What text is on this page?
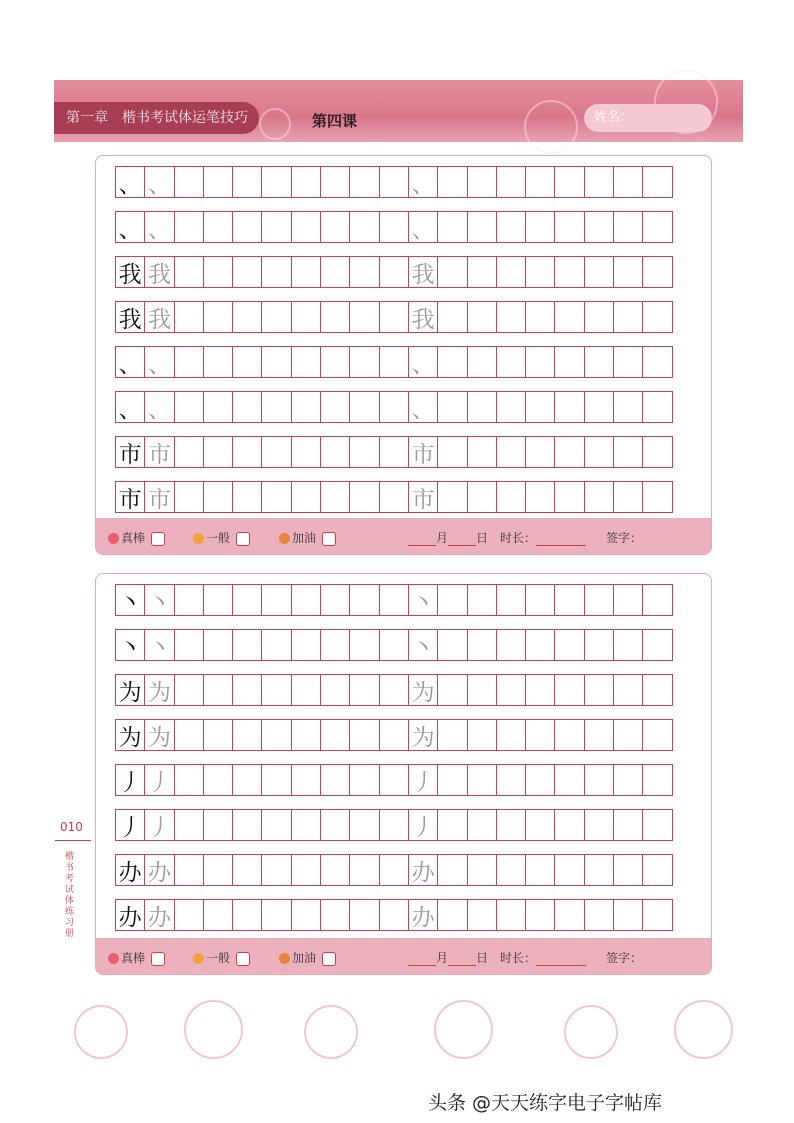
第一章　楷书考试体运笔技巧	第四课	姓名：
、 、	、
、 、	、
我 我	我
我 我	我
、 、	、
、 、	、
市 市	市
市 市	市
真棒	一般	加油	月 日　 时长：	签字：
丶 丶	丶
丶 丶	丶
为 为	为
为 为	为
丿 丿	丿
丿 丿	丿
办 办	办
办 办	办
真棒	一般	加油	月 日　 时长：	签字：
010
楷书考试体练习册
头条 @天天练字电子字帖库
